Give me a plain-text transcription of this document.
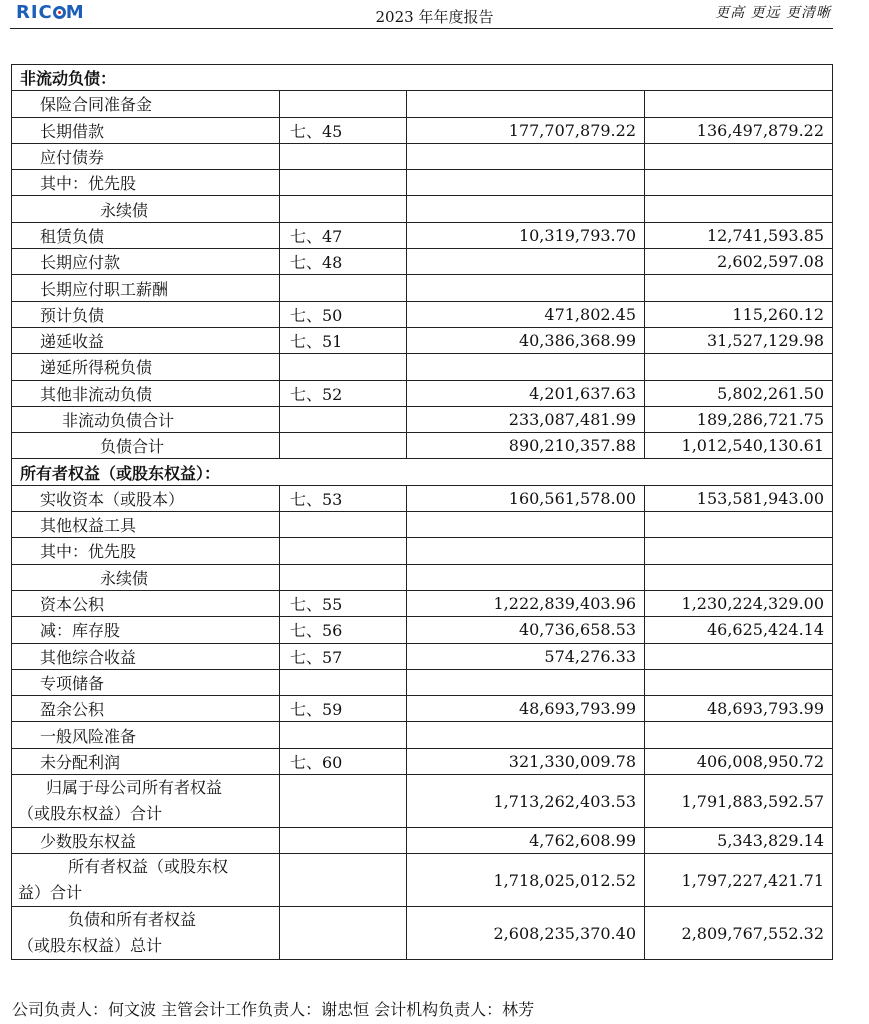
RIC M	2023 年年度报告	更高 更远 更清晰
非流动负债：			
保险合同准备金			
长期借款	七、45	177,707,879.22	136,497,879.22
应付债券			
其中：优先股			
永续债			
租赁负债	七、47	10,319,793.70	12,741,593.85
长期应付款	七、48		2,602,597.08
长期应付职工薪酬			
预计负债	七、50	471,802.45	115,260.12
递延收益	七、51	40,386,368.99	31,527,129.98
递延所得税负债			
其他非流动负债	七、52	4,201,637.63	5,802,261.50
非流动负债合计		233,087,481.99	189,286,721.75
负债合计		890,210,357.88	1,012,540,130.61
所有者权益（或股东权益）：			
实收资本（或股本）	七、53	160,561,578.00	153,581,943.00
其他权益工具			
其中：优先股			
永续债			
资本公积	七、55	1,222,839,403.96	1,230,224,329.00
减：库存股	七、56	40,736,658.53	46,625,424.14
其他综合收益	七、57	574,276.33	
专项储备			
盈余公积	七、59	48,693,793.99	48,693,793.99
一般风险准备			
未分配利润	七、60	321,330,009.78	406,008,950.72

归属于母公司所有者权益
（或股东权益）合计		1,713,262,403.53	1,791,883,592.57
少数股东权益		4,762,608.99	5,343,829.14

所有者权益（或股东权
益）合计		1,718,025,012.52	1,797,227,421.71

负债和所有者权益
（或股东权益）总计		2,608,235,370.40	2,809,767,552.32
公司负责人：何文波 主管会计工作负责人：谢忠恒 会计机构负责人：林芳
